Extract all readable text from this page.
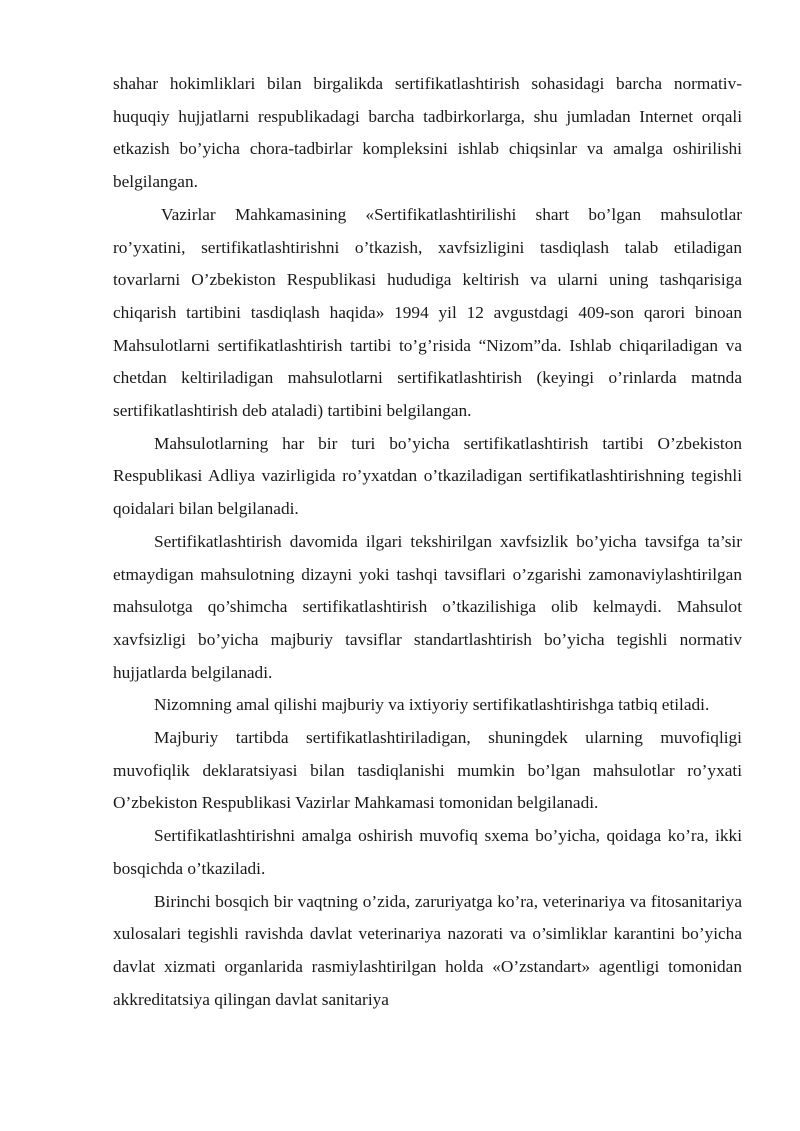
shahar hokimliklari bilan birgalikda sertifikatlashtirish sohasidagi barcha normativ-huquqiy hujjatlarni respublikadagi barcha tadbirkorlarga, shu jumladan Internet orqali etkazish bo’yicha chora-tadbirlar kompleksini ishlab chiqsinlar va amalga oshirilishi belgilangan.

Vazirlar Mahkamasining «Sertifikatlashtirilishi shart bo’lgan mahsulotlar ro’yxatini, sertifikatlashtirishni o’tkazish, xavfsizligini tasdiqlash talab etiladigan tovarlarni O’zbekiston Respublikasi hududiga keltirish va ularni uning tashqarisiga chiqarish tartibini tasdiqlash haqida» 1994 yil 12 avgustdagi 409-son qarori binoan Mahsulotlarni sertifikatlashtirish tartibi to’g’risida “Nizom”da. Ishlab chiqariladigan va chetdan keltiriladigan mahsulotlarni sertifikatlashtirish (keyingi o’rinlarda matnda sertifikatlashtirish deb ataladi) tartibini belgilangan.

Mahsulotlarning har bir turi bo’yicha sertifikatlashtirish tartibi O’zbekiston Respublikasi Adliya vazirligida ro’yxatdan o’tkaziladigan sertifikatlashtirishning tegishli qoidalari bilan belgilanadi.

Sertifikatlashtirish davomida ilgari tekshirilgan xavfsizlik bo’yicha tavsifga ta’sir etmaydigan mahsulotning dizayni yoki tashqi tavsiflari o’zgarishi zamonaviylashtirilgan mahsulotga qo’shimcha sertifikatlashtirish o’tkazilishiga olib kelmaydi. Mahsulot xavfsizligi bo’yicha majburiy tavsiflar standartlashtirish bo’yicha tegishli normativ hujjatlarda belgilanadi.

Nizomning amal qilishi majburiy va ixtiyoriy sertifikatlashtirishga tatbiq etiladi.

Majburiy tartibda sertifikatlashtiriladigan, shuningdek ularning muvofiqligi muvofiqlik deklaratsiyasi bilan tasdiqlanishi mumkin bo’lgan mahsulotlar ro’yxati O’zbekiston Respublikasi Vazirlar Mahkamasi tomonidan belgilanadi.

Sertifikatlashtirishni amalga oshirish muvofiq sxema bo’yicha, qoidaga ko’ra, ikki bosqichda o’tkaziladi.

Birinchi bosqich bir vaqtning o’zida, zaruriyatga ko’ra, veterinariya va fitosanitariya xulosalari tegishli ravishda davlat veterinariya nazorati va o’simliklar karantini bo’yicha davlat xizmati organlarida rasmiylashtirilgan holda «O’zstandart» agentligi tomonidan akkreditatsiya qilingan davlat sanitariya
